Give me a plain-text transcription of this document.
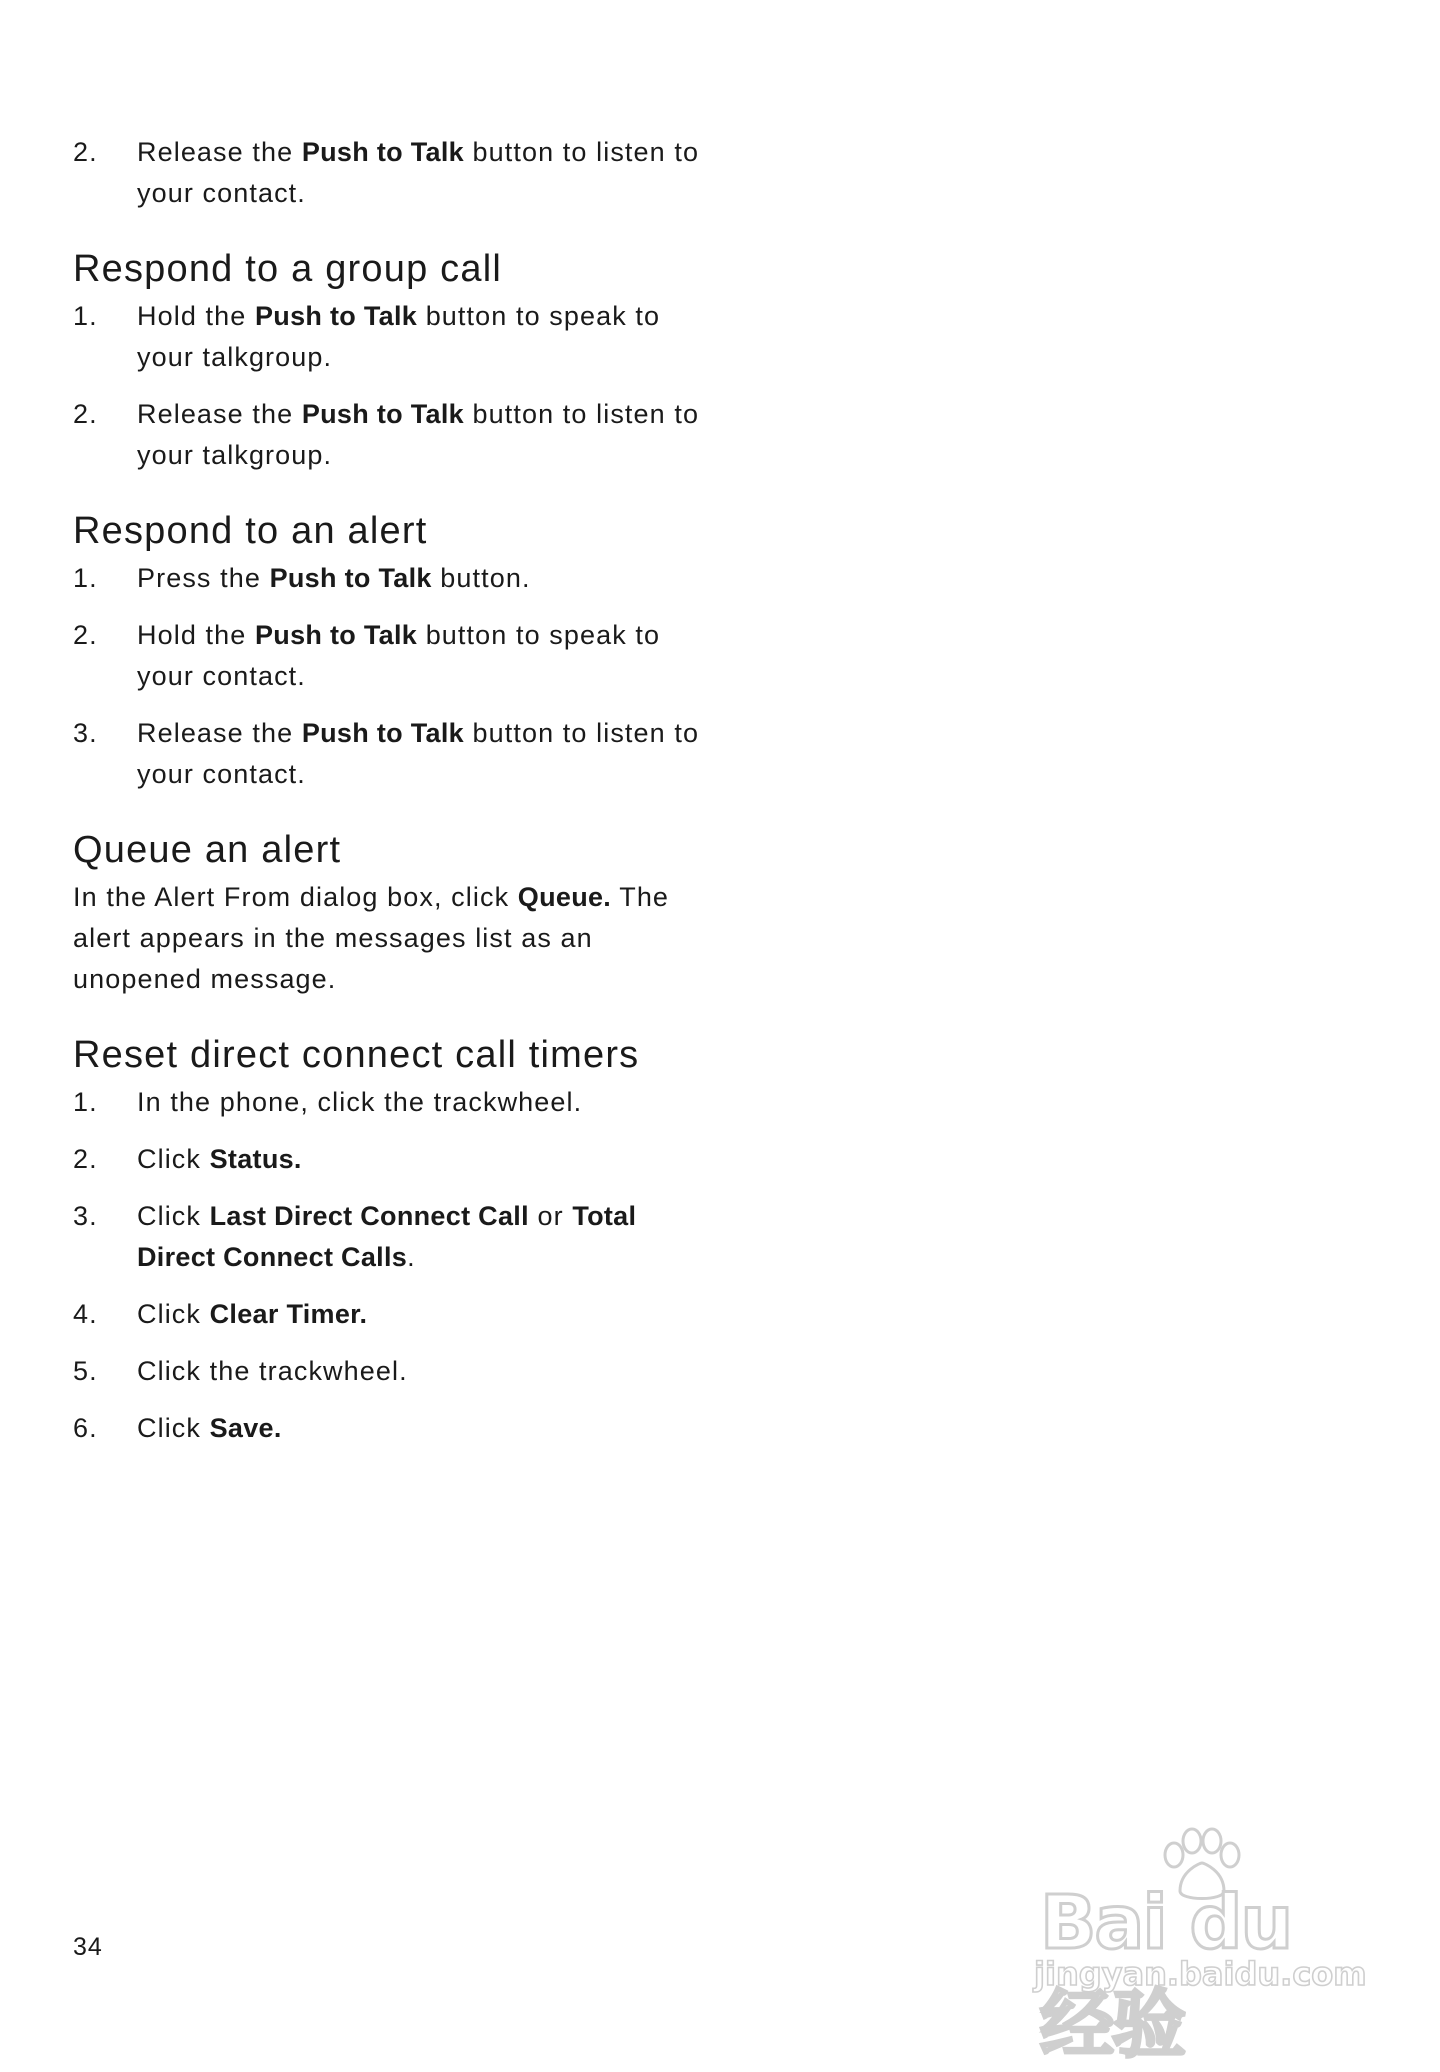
2.	Release the Push to Talk button to listen to your contact.
Respond to a group call
1.	Hold the Push to Talk button to speak to your talkgroup.
2.	Release the Push to Talk button to listen to your talkgroup.
Respond to an alert
1.	Press the Push to Talk button.
2.	Hold the Push to Talk button to speak to your contact.
3.	Release the Push to Talk button to listen to your contact.
Queue an alert

In the Alert From dialog box, click Queue. The alert appears in the messages list as an unopened message.

Reset direct connect call timers
1.	In the phone, click the trackwheel.
2.	Click Status.
3.	Click Last Direct Connect Call or Total Direct Connect Calls.
4.	Click Clear Timer.
5.	Click the trackwheel.
6.	Click Save.
34	Bai du 经验
jingyan.baidu.com
